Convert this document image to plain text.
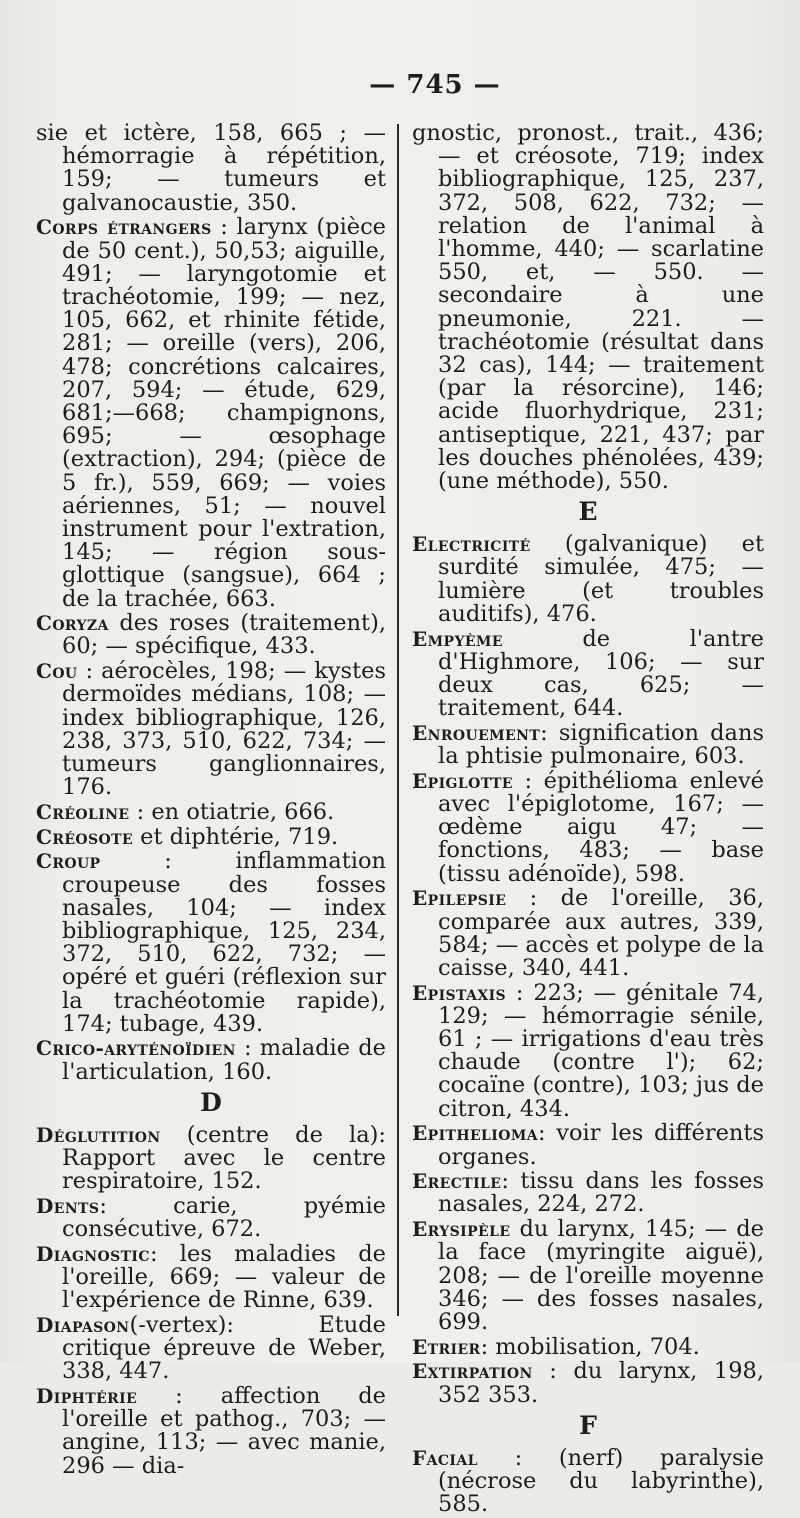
— 745 —

sie et ictère, 158, 665 ; — hémorragie à répétition, 159; — tumeurs et galvanocaustie, 350.

Corps étrangers : larynx (pièce de 50 cent.), 50,53; aiguille, 491; — laryngotomie et trachéotomie, 199; — nez, 105, 662, et rhinite fétide, 281; — oreille (vers), 206, 478; concrétions calcaires, 207, 594; — étude, 629, 681;—668; champignons, 695; — œsophage (extraction), 294; (pièce de 5 fr.), 559, 669; — voies aériennes, 51; — nouvel instrument pour l'extration, 145; — région sous-glottique (sangsue), 664 ; de la trachée, 663.

Coryza des roses (traitement), 60; — spécifique, 433.

Cou : aérocèles, 198; — kystes dermoïdes médians, 108; — index bibliographique, 126, 238, 373, 510, 622, 734; — tumeurs ganglionnaires, 176.

Créoline : en otiatrie, 666.

Créosote et diphtérie, 719.

Croup : inflammation croupeuse des fosses nasales, 104; — index bibliographique, 125, 234, 372, 510, 622, 732; — opéré et guéri (réflexion sur la trachéotomie rapide), 174; tubage, 439.

Crico-aryténoïdien : maladie de l'articulation, 160.

D

Déglutition (centre de la): Rapport avec le centre respiratoire, 152.

Dents: carie, pyémie consécutive, 672.

Diagnostic: les maladies de l'oreille, 669; — valeur de l'expérience de Rinne, 639.

Diapason(-vertex): Etude critique épreuve de Weber, 338, 447.

Diphtérie : affection de l'oreille et pathog., 703; — angine, 113; — avec manie, 296 — dia-

gnostic, pronost., trait., 436; — et créosote, 719; index bibliographique, 125, 237, 372, 508, 622, 732; — relation de l'animal à l'homme, 440; — scarlatine 550, et, — 550. — secondaire à une pneumonie, 221. — trachéotomie (résultat dans 32 cas), 144; — traitement (par la résorcine), 146; acide fluorhydrique, 231; antiseptique, 221, 437; par les douches phénolées, 439; (une méthode), 550.

E

Electricité (galvanique) et surdité simulée, 475; — lumière (et troubles auditifs), 476.

Empyème de l'antre d'Highmore, 106; — sur deux cas, 625; — traitement, 644.

Enrouement: signification dans la phtisie pulmonaire, 603.

Epiglotte : épithélioma enlevé avec l'épiglotome, 167; — œdème aigu 47; — fonctions, 483; — base (tissu adénoïde), 598.

Epilepsie : de l'oreille, 36, comparée aux autres, 339, 584; — accès et polype de la caisse, 340, 441.

Epistaxis : 223; — génitale 74, 129; — hémorragie sénile, 61 ; — irrigations d'eau très chaude (contre l'); 62; cocaïne (contre), 103; jus de citron, 434.

Epithelioma: voir les différents organes.

Erectile: tissu dans les fosses nasales, 224, 272.

Erysipèle du larynx, 145; — de la face (myringite aiguë), 208; — de l'oreille moyenne 346; — des fosses nasales, 699.

Etrier: mobilisation, 704.

Extirpation : du larynx, 198, 352 353.

F

Facial : (nerf) paralysie (nécrose du labyrinthe), 585.
